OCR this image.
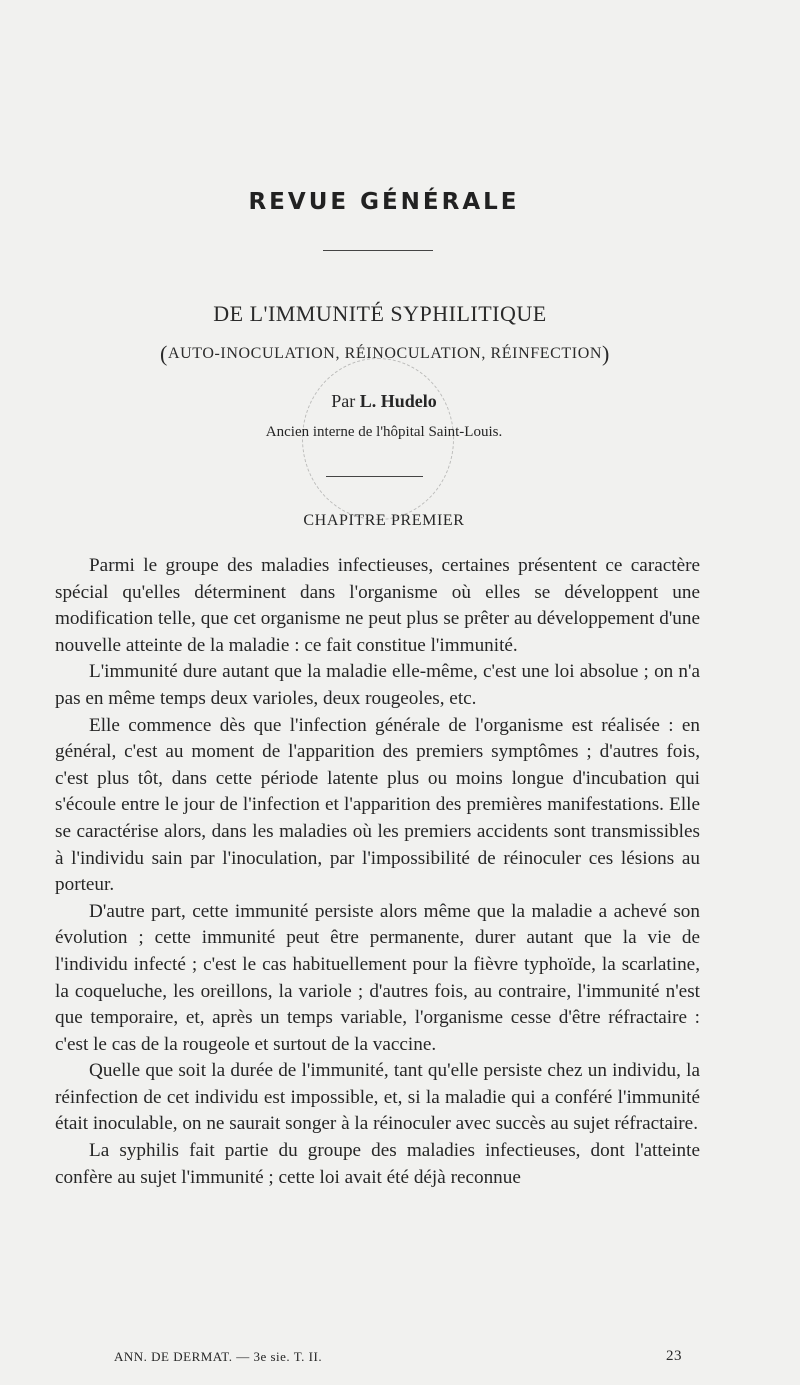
REVUE GÉNÉRALE
DE L'IMMUNITÉ SYPHILITIQUE
(AUTO-INOCULATION, RÉINOCULATION, RÉINFECTION)
Par L. Hudelo
Ancien interne de l'hôpital Saint-Louis.
CHAPITRE PREMIER

Parmi le groupe des maladies infectieuses, certaines présentent ce caractère spécial qu'elles déterminent dans l'organisme où elles se développent une modification telle, que cet organisme ne peut plus se prêter au développement d'une nouvelle atteinte de la maladie : ce fait constitue l'immunité.

L'immunité dure autant que la maladie elle-même, c'est une loi absolue ; on n'a pas en même temps deux varioles, deux rougeoles, etc.

Elle commence dès que l'infection générale de l'organisme est réalisée : en général, c'est au moment de l'apparition des premiers symptômes ; d'autres fois, c'est plus tôt, dans cette période latente plus ou moins longue d'incubation qui s'écoule entre le jour de l'infection et l'apparition des premières manifestations. Elle se caractérise alors, dans les maladies où les premiers accidents sont transmissibles à l'individu sain par l'inoculation, par l'impossibilité de réinoculer ces lésions au porteur.

D'autre part, cette immunité persiste alors même que la maladie a achevé son évolution ; cette immunité peut être permanente, durer autant que la vie de l'individu infecté ; c'est le cas habituellement pour la fièvre typhoïde, la scarlatine, la coqueluche, les oreillons, la variole ; d'autres fois, au contraire, l'immunité n'est que temporaire, et, après un temps variable, l'organisme cesse d'être réfractaire : c'est le cas de la rougeole et surtout de la vaccine.

Quelle que soit la durée de l'immunité, tant qu'elle persiste chez un individu, la réinfection de cet individu est impossible, et, si la maladie qui a conféré l'immunité était inoculable, on ne saurait songer à la réinoculer avec succès au sujet réfractaire.

La syphilis fait partie du groupe des maladies infectieuses, dont l'atteinte confère au sujet l'immunité ; cette loi avait été déjà reconnue

ANN. DE DERMAT. — 3e sie. T. II.	23
